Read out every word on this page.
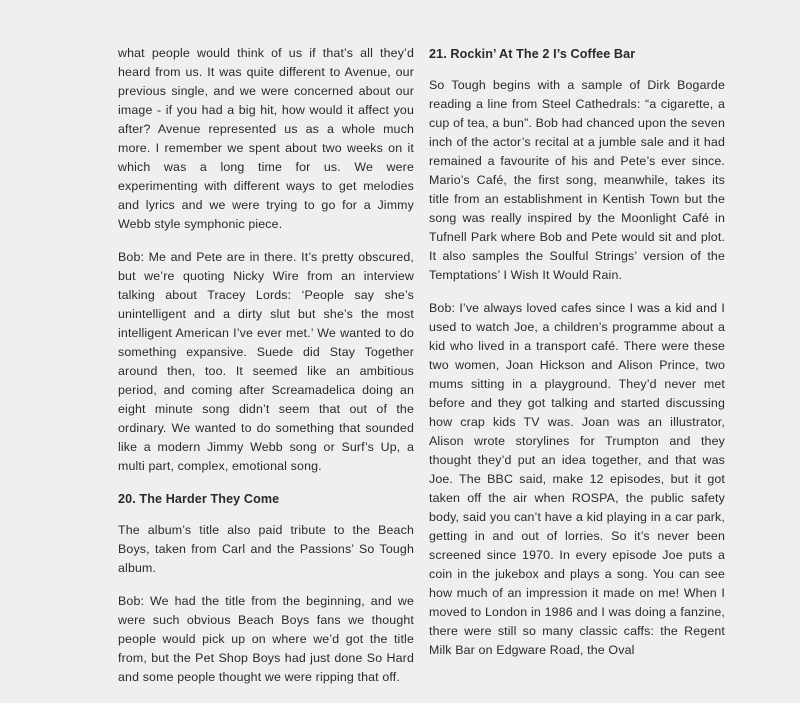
what people would think of us if that’s all they’d heard from us. It was quite different to Avenue, our previous single, and we were concerned about our image - if you had a big hit, how would it affect you after? Avenue represented us as a whole much more. I remember we spent about two weeks on it which was a long time for us. We were experimenting with different ways to get melodies and lyrics and we were trying to go for a Jimmy Webb style symphonic piece.

Bob: Me and Pete are in there. It’s pretty obscured, but we’re quoting Nicky Wire from an interview talking about Tracey Lords: ‘People say she’s unintelligent and a dirty slut but she’s the most intelligent American I’ve ever met.’ We wanted to do something expansive. Suede did Stay Together around then, too. It seemed like an ambitious period, and coming after Screamadelica doing an eight minute song didn’t seem that out of the ordinary. We wanted to do something that sounded like a modern Jimmy Webb song or Surf’s Up, a multi part, complex, emotional song.

20. The Harder They Come

The album’s title also paid tribute to the Beach Boys, taken from Carl and the Passions’ So Tough album.

Bob: We had the title from the beginning, and we were such obvious Beach Boys fans we thought people would pick up on where we’d got the title from, but the Pet Shop Boys had just done So Hard and some people thought we were ripping that off.

21. Rockin’ At The 2 I’s Coffee Bar

So Tough begins with a sample of Dirk Bogarde reading a line from Steel Cathedrals: “a cigarette, a cup of tea, a bun”. Bob had chanced upon the seven inch of the actor’s recital at a jumble sale and it had remained a favourite of his and Pete’s ever since. Mario’s Café, the first song, meanwhile, takes its title from an establishment in Kentish Town but the song was really inspired by the Moonlight Café in Tufnell Park where Bob and Pete would sit and plot. It also samples the Soulful Strings’ version of the Temptations’ I Wish It Would Rain.

Bob: I’ve always loved cafes since I was a kid and I used to watch Joe, a children’s programme about a kid who lived in a transport café. There were these two women, Joan Hickson and Alison Prince, two mums sitting in a playground. They’d never met before and they got talking and started discussing how crap kids TV was. Joan was an illustrator, Alison wrote storylines for Trumpton and they thought they’d put an idea together, and that was Joe. The BBC said, make 12 episodes, but it got taken off the air when ROSPA, the public safety body, said you can’t have a kid playing in a car park, getting in and out of lorries. So it’s never been screened since 1970. In every episode Joe puts a coin in the jukebox and plays a song. You can see how much of an impression it made on me! When I moved to London in 1986 and I was doing a fanzine, there were still so many classic caffs: the Regent Milk Bar on Edgware Road, the Oval
